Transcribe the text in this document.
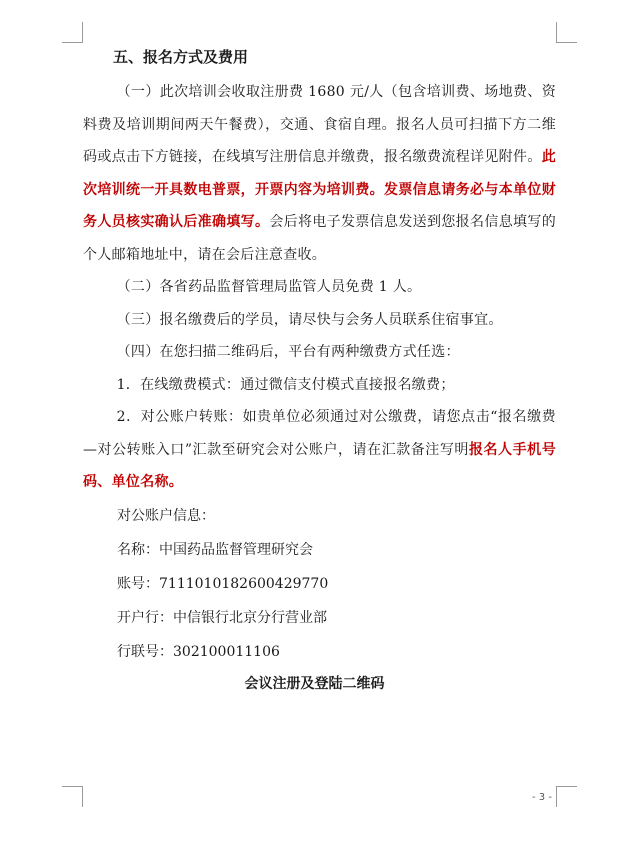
五、报名方式及费用

（一）此次培训会收取注册费 1680 元/人（包含培训费、场地费、资料费及培训期间两天午餐费），交通、食宿自理。报名人员可扫描下方二维码或点击下方链接，在线填写注册信息并缴费，报名缴费流程详见附件。此次培训统一开具数电普票，开票内容为培训费。发票信息请务必与本单位财务人员核实确认后准确填写。会后将电子发票信息发送到您报名信息填写的个人邮箱地址中，请在会后注意查收。

（二）各省药品监督管理局监管人员免费 1 人。

（三）报名缴费后的学员，请尽快与会务人员联系住宿事宜。

（四）在您扫描二维码后，平台有两种缴费方式任选：

1．在线缴费模式：通过微信支付模式直接报名缴费；

2．对公账户转账：如贵单位必须通过对公缴费，请您点击“报名缴费—对公转账入口”汇款至研究会对公账户，请在汇款备注写明报名人手机号码、单位名称。

对公账户信息：
名称：中国药品监督管理研究会
账号：7111010182600429770
开户行：中信银行北京分行营业部
行联号：302100011106
会议注册及登陆二维码
- 3 -
